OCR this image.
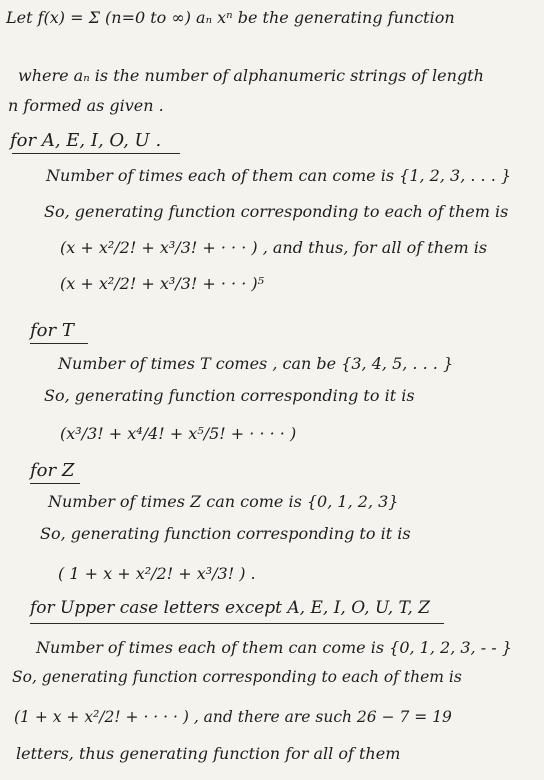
Let f(x) = Σ (n=0 to ∞) aₙ xⁿ be the generating function
where aₙ is the number of alphanumeric strings of length
n formed as given .
for A, E, I, O, U .
Number of times each of them can come is {1, 2, 3, . . . }
So, generating function corresponding to each of them is
(x + x²/2! + x³/3! + · · · ) , and thus, for all of them is
(x + x²/2! + x³/3! + · · · )⁵
for T
Number of times T comes , can be {3, 4, 5, . . . }
So, generating function corresponding to it is
(x³/3! + x⁴/4! + x⁵/5! + · · · · )
for Z
Number of times Z can come is {0, 1, 2, 3}
So, generating function corresponding to it is
( 1 + x + x²/2! + x³/3! ) .
for Upper case letters except A, E, I, O, U, T, Z
Number of times each of them can come is {0, 1, 2, 3, - - }
So, generating function corresponding to each of them is
(1 + x + x²/2! + · · · · ) , and there are such 26 − 7 = 19
letters, thus generating function for all of them
